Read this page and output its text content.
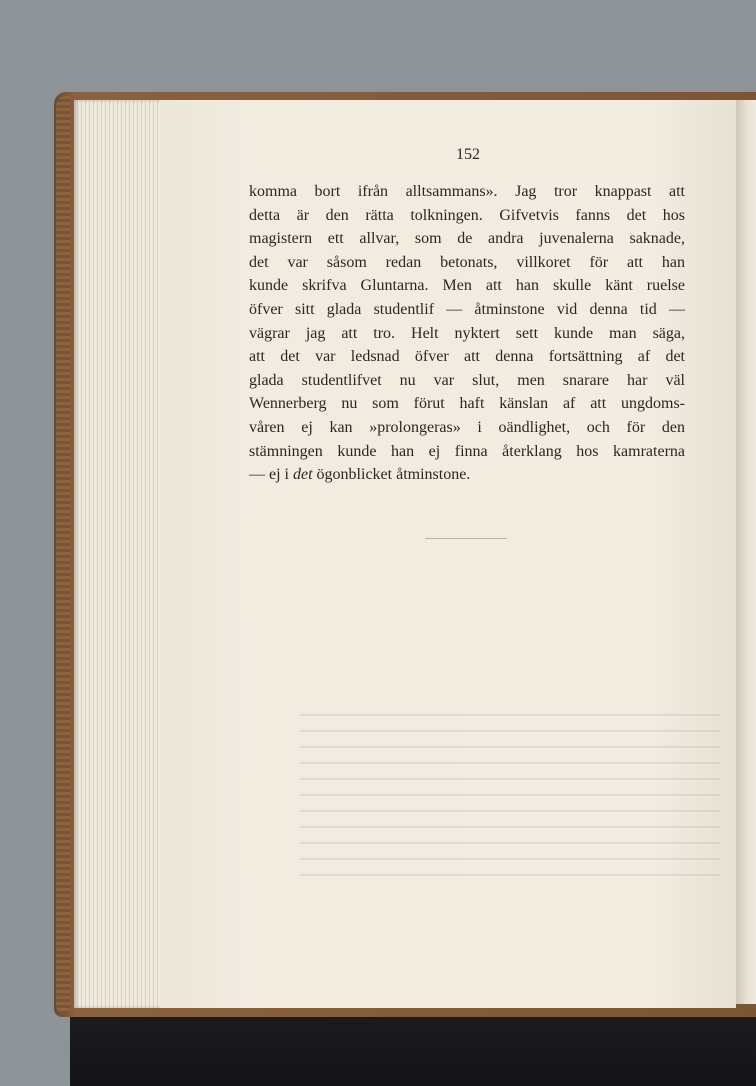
152
komma bort ifrån alltsammans». Jag tror knappast att
detta är den rätta tolkningen. Gifvetvis fanns det hos
magistern ett allvar, som de andra juvenalerna saknade,
det var såsom redan betonats, villkoret för att han
kunde skrifva Gluntarna. Men att han skulle känt ruelse
öfver sitt glada studentlif — åtminstone vid denna tid —
vägrar jag att tro. Helt nyktert sett kunde man säga,
att det var ledsnad öfver att denna fortsättning af det
glada studentlifvet nu var slut, men snarare har väl
Wennerberg nu som förut haft känslan af att ungdoms-
våren ej kan »prolongeras» i oändlighet, och för den
stämningen kunde han ej finna återklang hos kamraterna
— ej i det ögonblicket åtminstone.
